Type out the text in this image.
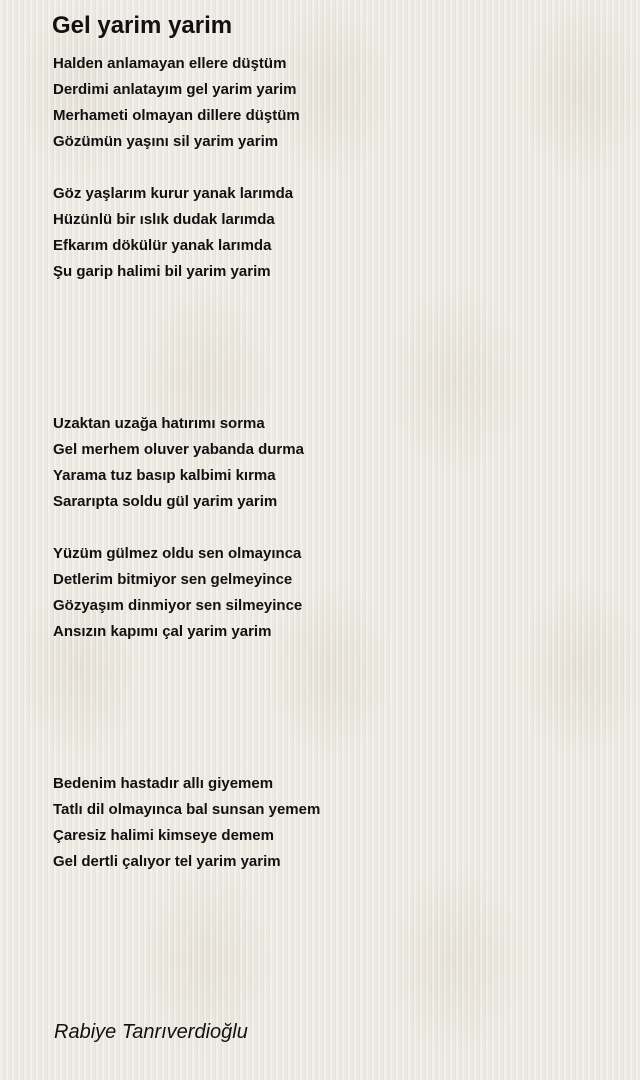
Gel yarim yarim
Halden anlamayan ellere düştüm
Derdimi anlatayım gel yarim yarim
Merhameti olmayan dillere düştüm
Gözümün yaşını sil yarim yarim
Göz yaşlarım kurur yanak larımda
Hüzünlü bir ıslık dudak larımda
Efkarım dökülür yanak larımda
Şu garip halimi bil yarim yarim
Uzaktan uzağa hatırımı sorma
Gel merhem oluver yabanda durma
Yarama tuz basıp kalbimi kırma
Sararıpta soldu gül yarim yarim
Yüzüm gülmez oldu sen olmayınca
Detlerim bitmiyor sen gelmeyince
Gözyaşım dinmiyor sen silmeyince
Ansızın kapımı çal yarim yarim
Bedenim hastadır allı giyemem
Tatlı dil olmayınca bal sunsan yemem
Çaresiz halimi kimseye demem
Gel dertli çalıyor tel yarim yarim
Rabiye Tanrıverdioğlu
